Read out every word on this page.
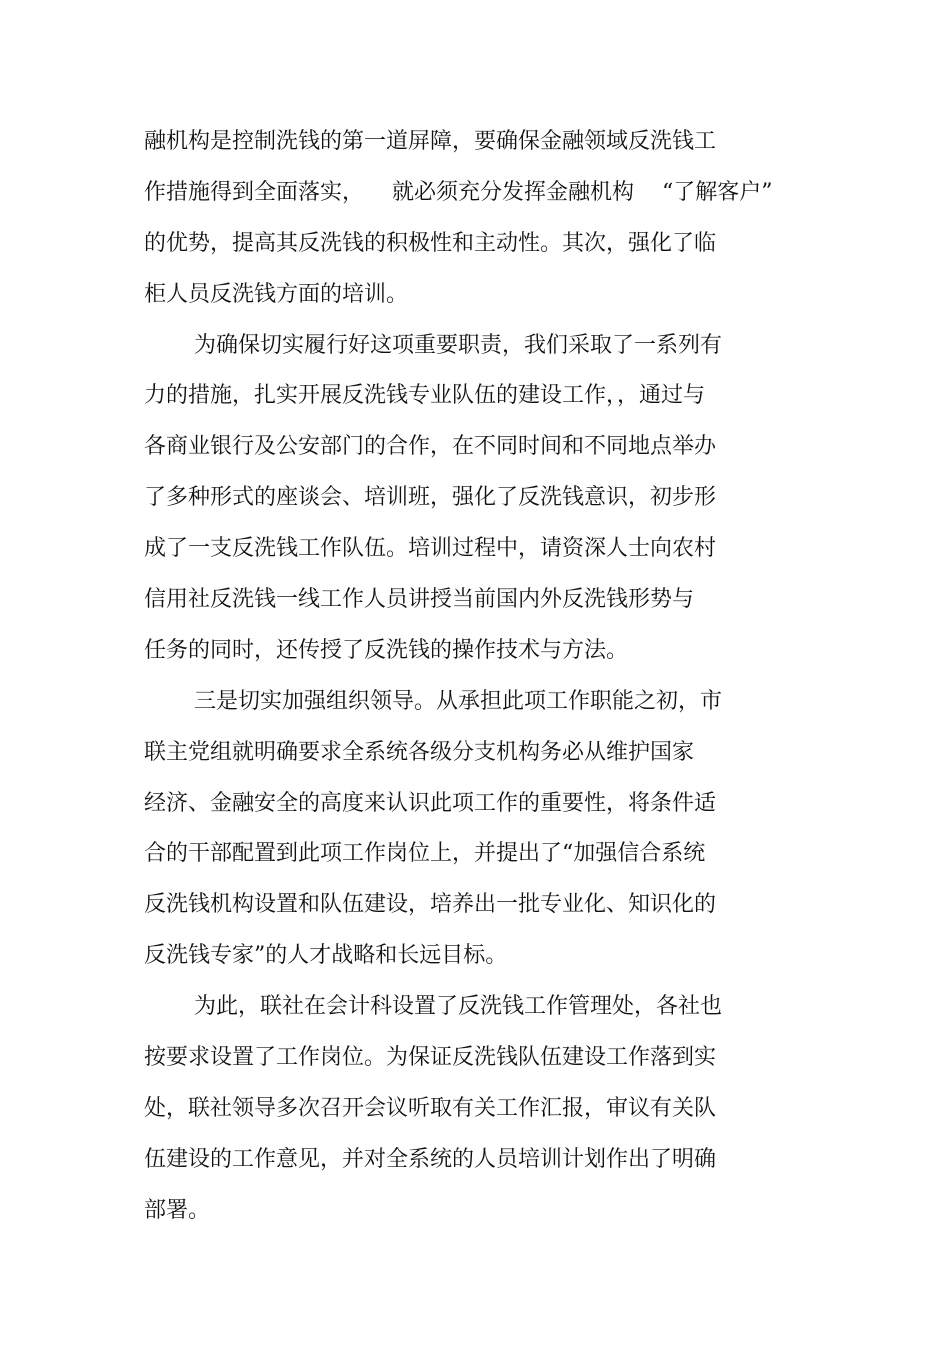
融机构是控制洗钱的第一道屏障，要确保金融领域反洗钱工
作措施得到全面落实，    就必须充分发挥金融机构    “了解客户”
的优势，提高其反洗钱的积极性和主动性。其次，强化了临
柜人员反洗钱方面的培训。
为确保切实履行好这项重要职责，我们采取了一系列有
力的措施，扎实开展反洗钱专业队伍的建设工作，，通过与
各商业银行及公安部门的合作，在不同时间和不同地点举办
了多种形式的座谈会、培训班，强化了反洗钱意识，初步形
成了一支反洗钱工作队伍。培训过程中，请资深人士向农村
信用社反洗钱一线工作人员讲授当前国内外反洗钱形势与
任务的同时，还传授了反洗钱的操作技术与方法。
三是切实加强组织领导。从承担此项工作职能之初，市
联主党组就明确要求全系统各级分支机构务必从维护国家
经济、金融安全的高度来认识此项工作的重要性，将条件适
合的干部配置到此项工作岗位上，并提出了“加强信合系统
反洗钱机构设置和队伍建设，培养出一批专业化、知识化的
反洗钱专家”的人才战略和长远目标。
为此，联社在会计科设置了反洗钱工作管理处，各社也
按要求设置了工作岗位。为保证反洗钱队伍建设工作落到实
处，联社领导多次召开会议听取有关工作汇报，审议有关队
伍建设的工作意见，并对全系统的人员培训计划作出了明确
部署。
